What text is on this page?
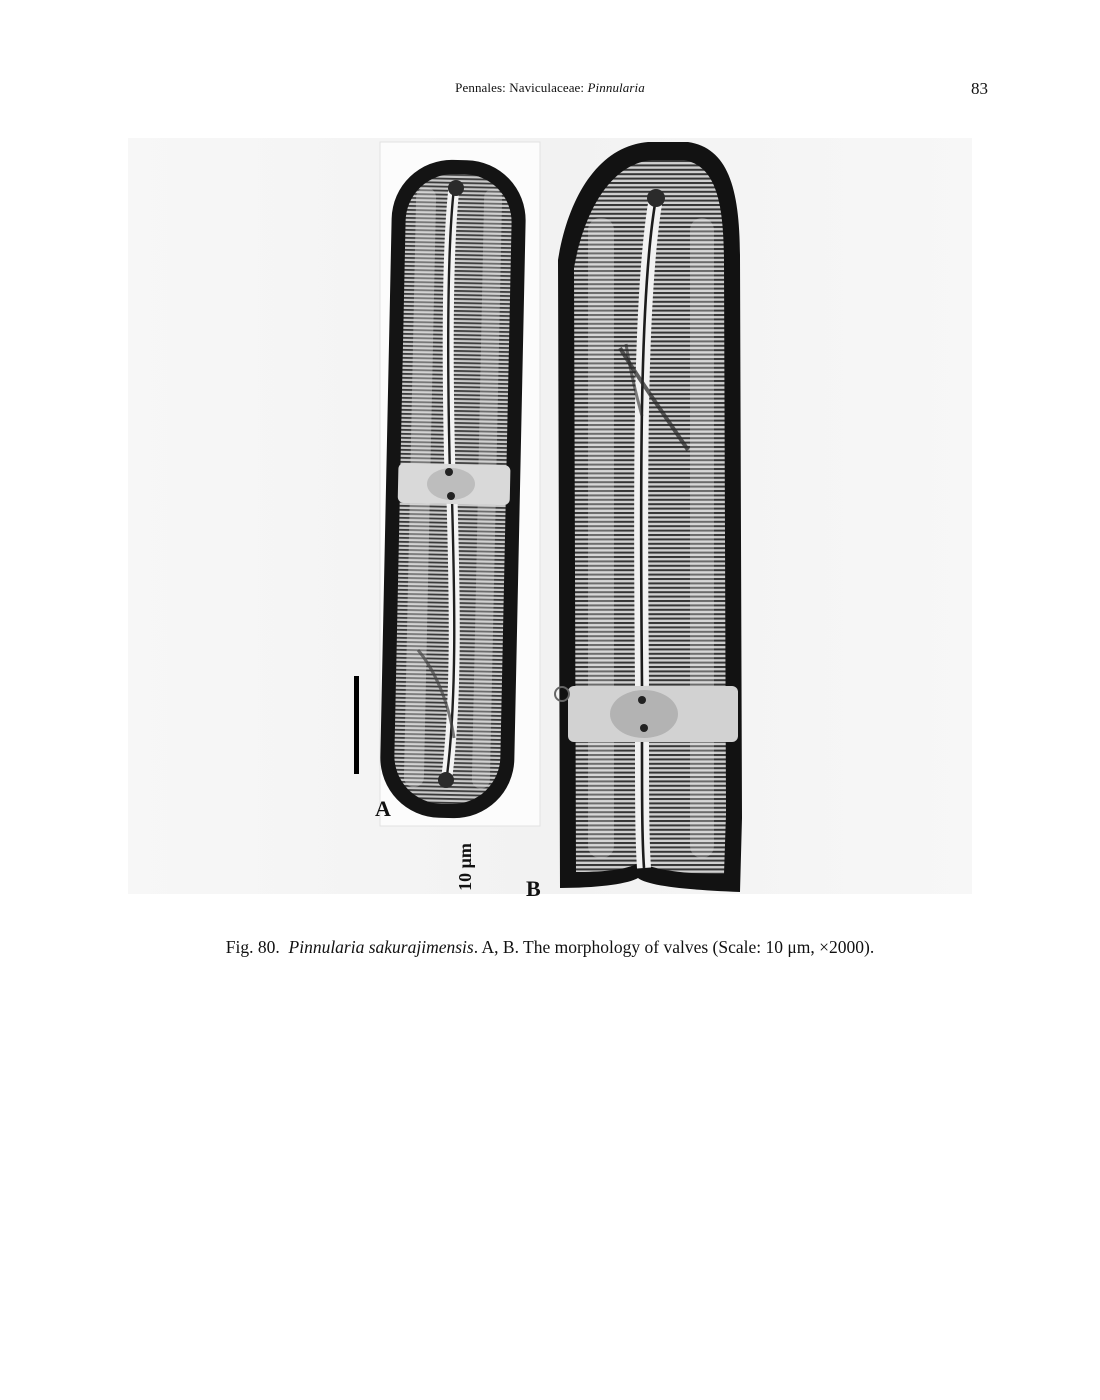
Pennales: Naviculaceae: Pinnularia	83
A
B
10 μm
Fig. 80. Pinnularia sakurajimensis. A, B. The morphology of valves (Scale: 10 μm, ×2000).
